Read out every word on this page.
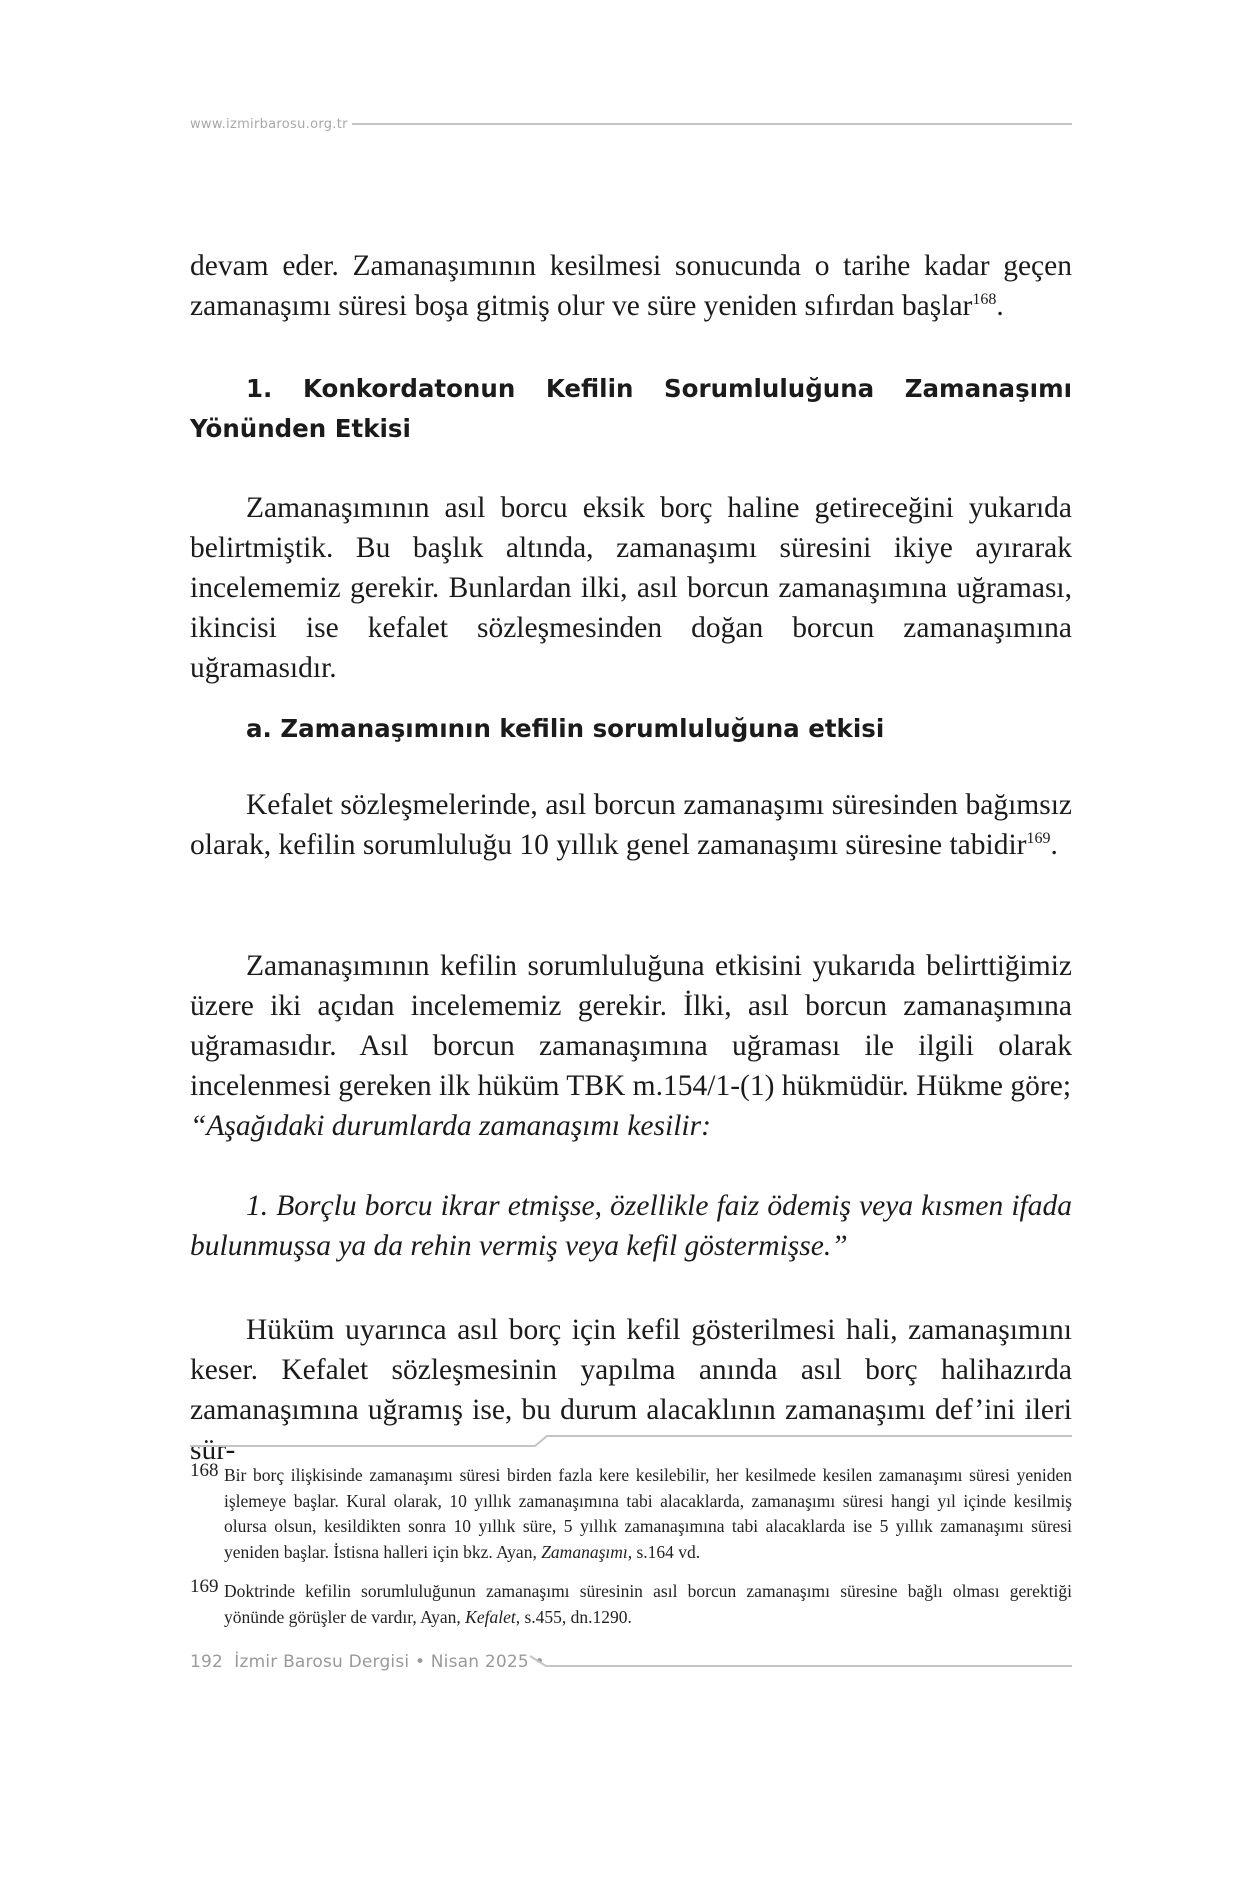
www.izmirbarosu.org.tr

devam eder. Zamanaşımının kesilmesi sonucunda o tarihe kadar geçen zamanaşımı süresi boşa gitmiş olur ve süre yeniden sıfırdan başlar$^{168}$.

1. Konkordatonun Kefilin Sorumluluğuna Zamanaşımı Yönünden Etkisi

Zamanaşımının asıl borcu eksik borç haline getireceğini yukarıda belirtmiştik. Bu başlık altında, zamanaşımı süresini ikiye ayırarak incelememiz gerekir. Bunlardan ilki, asıl borcun zamanaşımına uğraması, ikincisi ise kefalet sözleşmesinden doğan borcun zamanaşımına uğramasıdır.

a. Zamanaşımının kefilin sorumluluğuna etkisi

Kefalet sözleşmelerinde, asıl borcun zamanaşımı süresinden bağımsız olarak, kefilin sorumluluğu 10 yıllık genel zamanaşımı süresine tabidir$^{169}$.

Zamanaşımının kefilin sorumluluğuna etkisini yukarıda belirttiğimiz üzere iki açıdan incelememiz gerekir. İlki, asıl borcun zamanaşımına uğramasıdır. Asıl borcun zamanaşımına uğraması ile ilgili olarak incelenmesi gereken ilk hüküm TBK m.154/1-(1) hükmüdür. Hükme göre;

“Aşağıdaki durumlarda zamanaşımı kesilir:

1. Borçlu borcu ikrar etmişse, özellikle faiz ödemiş veya kısmen ifada bulunmuşsa ya da rehin vermiş veya kefil göstermişse.”

Hüküm uyarınca asıl borç için kefil gösterilmesi hali, zamanaşımını keser. Kefalet sözleşmesinin yapılma anında asıl borç halihazırda zamanaşımına uğramış ise, bu durum alacaklının zamanaşımı def’ini ileri sür-

168 Bir borç ilişkisinde zamanaşımı süresi birden fazla kere kesilebilir, her kesilmede kesilen zamanaşımı süresi yeniden işlemeye başlar. Kural olarak, 10 yıllık zamanaşımına tabi alacaklarda, zamanaşımı süresi hangi yıl içinde kesilmiş olursa olsun, kesildikten sonra 10 yıllık süre, 5 yıllık zamanaşımına tabi alacaklarda ise 5 yıllık zamanaşımı süresi yeniden başlar. İstisna halleri için bkz. Ayan, Zamanaşımı, s.164 vd.
169 Doktrinde kefilin sorumluluğunun zamanaşımı süresinin asıl borcun zamanaşımı süresine bağlı olması gerektiği yönünde görüşler de vardır, Ayan, Kefalet, s.455, dn.1290.
192  İzmir Barosu Dergisi • Nisan 2025 •
